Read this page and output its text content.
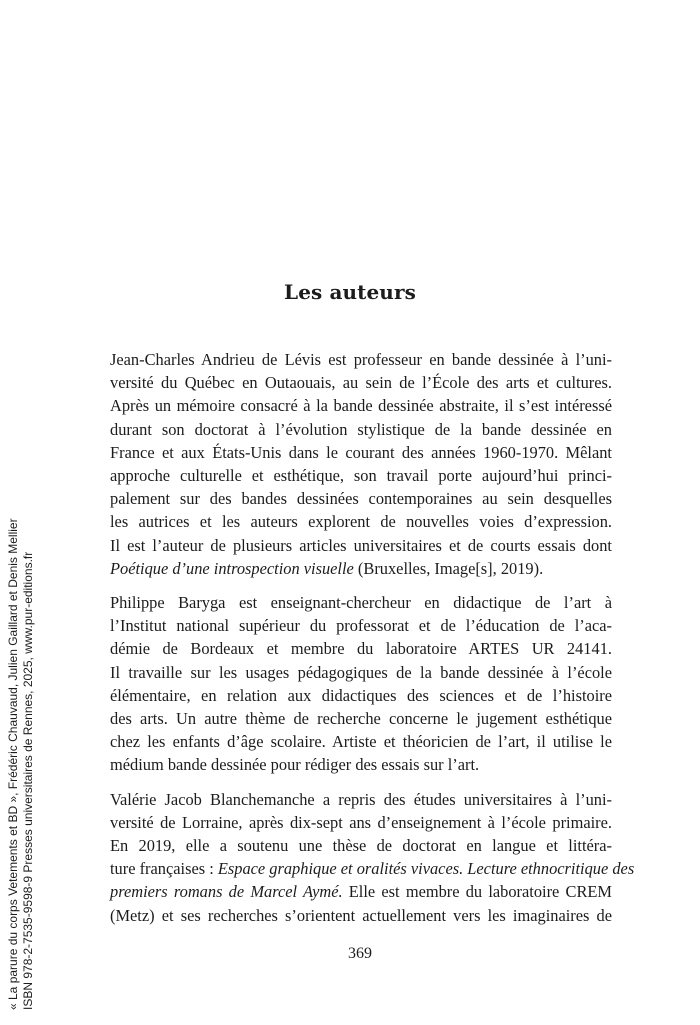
Les auteurs

Jean-Charles Andrieu de Lévis est professeur en bande dessinée à l’uni-
versité du Québec en Outaouais, au sein de l’École des arts et cultures.
Après un mémoire consacré à la bande dessinée abstraite, il s’est intéressé
durant son doctorat à l’évolution stylistique de la bande dessinée en
France et aux États-Unis dans le courant des années 1960-1970. Mêlant
approche culturelle et esthétique, son travail porte aujourd’hui princi-
palement sur des bandes dessinées contemporaines au sein desquelles
les autrices et les auteurs explorent de nouvelles voies d’expression.
Il est l’auteur de plusieurs articles universitaires et de courts essais dont
Poétique d’une introspection visuelle (Bruxelles, Image[s], 2019).

Philippe Baryga est enseignant-chercheur en didactique de l’art à
l’Institut national supérieur du professorat et de l’éducation de l’aca-
démie de Bordeaux et membre du laboratoire ARTES UR 24141.
Il travaille sur les usages pédagogiques de la bande dessinée à l’école
élémentaire, en relation aux didactiques des sciences et de l’histoire
des arts. Un autre thème de recherche concerne le jugement esthétique
chez les enfants d’âge scolaire. Artiste et théoricien de l’art, il utilise le
médium bande dessinée pour rédiger des essais sur l’art.

Valérie Jacob Blanchemanche a repris des études universitaires à l’uni-
versité de Lorraine, après dix-sept ans d’enseignement à l’école primaire.
En 2019, elle a soutenu une thèse de doctorat en langue et littéra-
ture françaises : Espace graphique et oralités vivaces. Lecture ethnocritique des
premiers romans de Marcel Aymé. Elle est membre du laboratoire CREM
(Metz) et ses recherches s’orientent actuellement vers les imaginaires de

369
« La parure du corps Vetements et BD », Frédéric Chauvaud, Julien Gaillard et Denis Mellier ISBN 978-2-7535-9598-9 Presses universitaires de Rennes, 2025, www.pur-editions.fr
